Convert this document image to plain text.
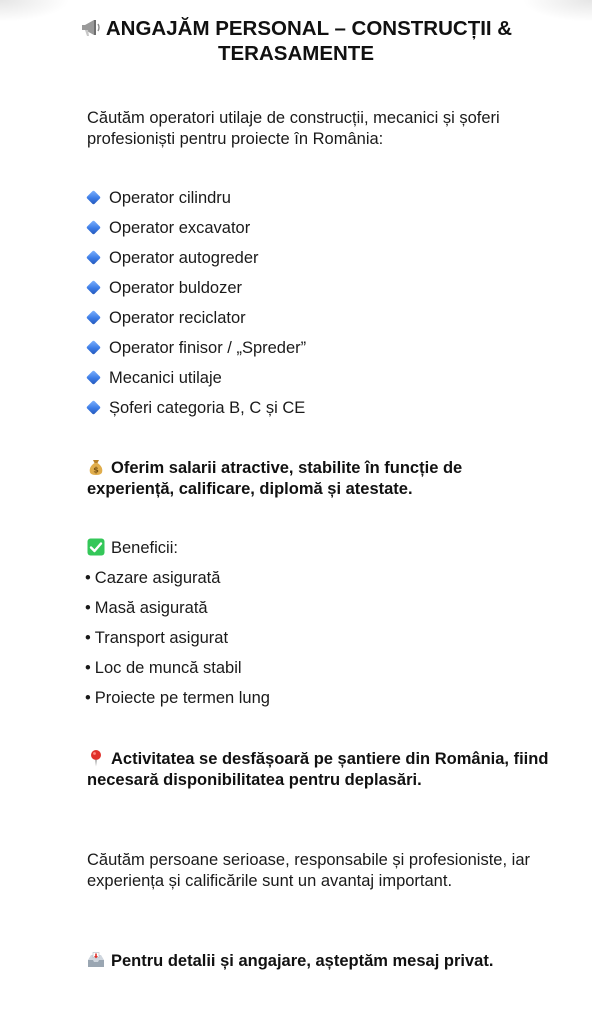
ANGAJĂM PERSONAL – CONSTRUCȚII & TERASAMENTE

Căutăm operatori utilaje de construcții, mecanici și șoferi profesioniști pentru proiecte în România:

Operator cilindru
Operator excavator
Operator autogreder
Operator buldozer
Operator reciclator
Operator finisor / „Spreder”
Mecanici utilaje
Șoferi categoria B, C și CE

$ Oferim salarii atractive, stabilite în funcție de experiență, calificare, diplomă și atestate.

Beneficii:

• Cazare asigurată
• Masă asigurată
• Transport asigurat
• Loc de muncă stabil
• Proiecte pe termen lung

Activitatea se desfășoară pe șantiere din România, fiind necesară disponibilitatea pentru deplasări.

Căutăm persoane serioase, responsabile și profesioniste, iar experiența și calificările sunt un avantaj important.

Pentru detalii și angajare, așteptăm mesaj privat.
